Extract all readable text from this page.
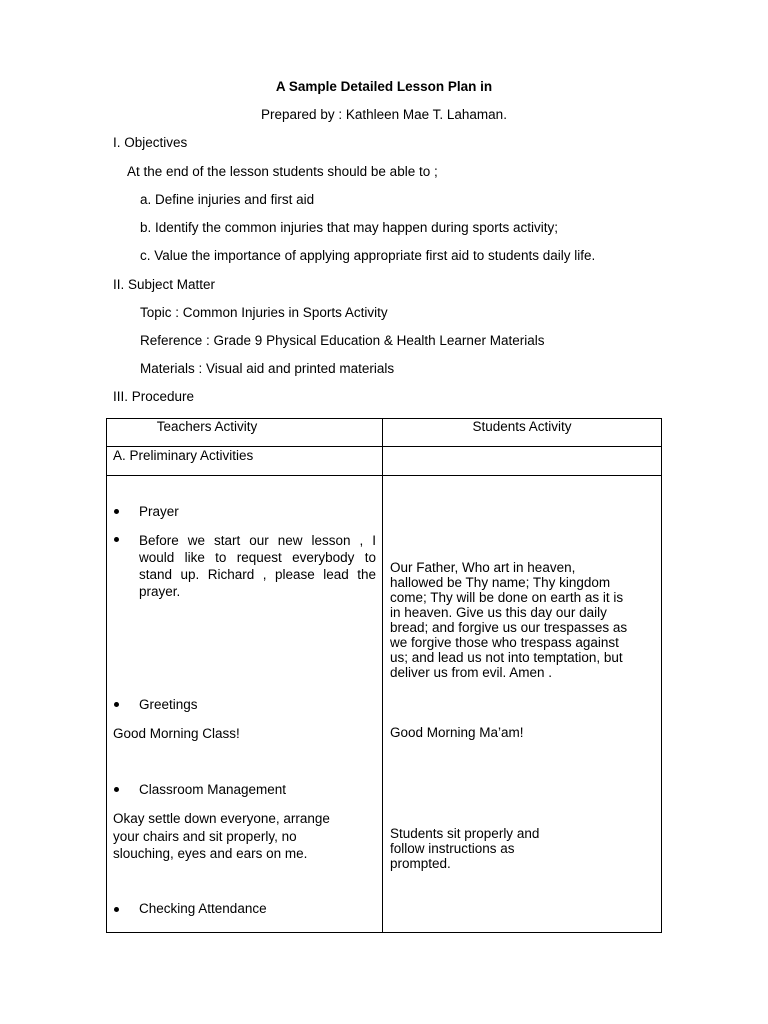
A Sample Detailed Lesson Plan in
Prepared by : Kathleen Mae T. Lahaman.
I. Objectives
At the end of the lesson students should be able to ;
a. Define injuries and first aid
b. Identify the common injuries that may happen during sports activity;
c. Value the importance of applying appropriate first aid to students daily life.
II. Subject Matter
Topic : Common Injuries in Sports Activity
Reference : Grade 9 Physical Education & Health Learner Materials
Materials : Visual aid and printed materials
III. Procedure
Teachers Activity	Students Activity
A. Preliminary Activities
Prayer
Before we start our new lesson , I would like to request everybody to stand up. Richard , please lead the prayer.
Our Father, Who art in heaven,
hallowed be Thy name; Thy kingdom
come; Thy will be done on earth as it is
in heaven. Give us this day our daily
bread; and forgive us our trespasses as
we forgive those who trespass against
us; and lead us not into temptation, but
deliver us from evil. Amen .
Greetings
Good Morning Class!	Good Morning Ma’am!
Classroom Management
Okay settle down everyone, arrange
your chairs and sit properly, no
slouching, eyes and ears on me.
Students sit properly and
follow instructions as
prompted.
Checking Attendance
